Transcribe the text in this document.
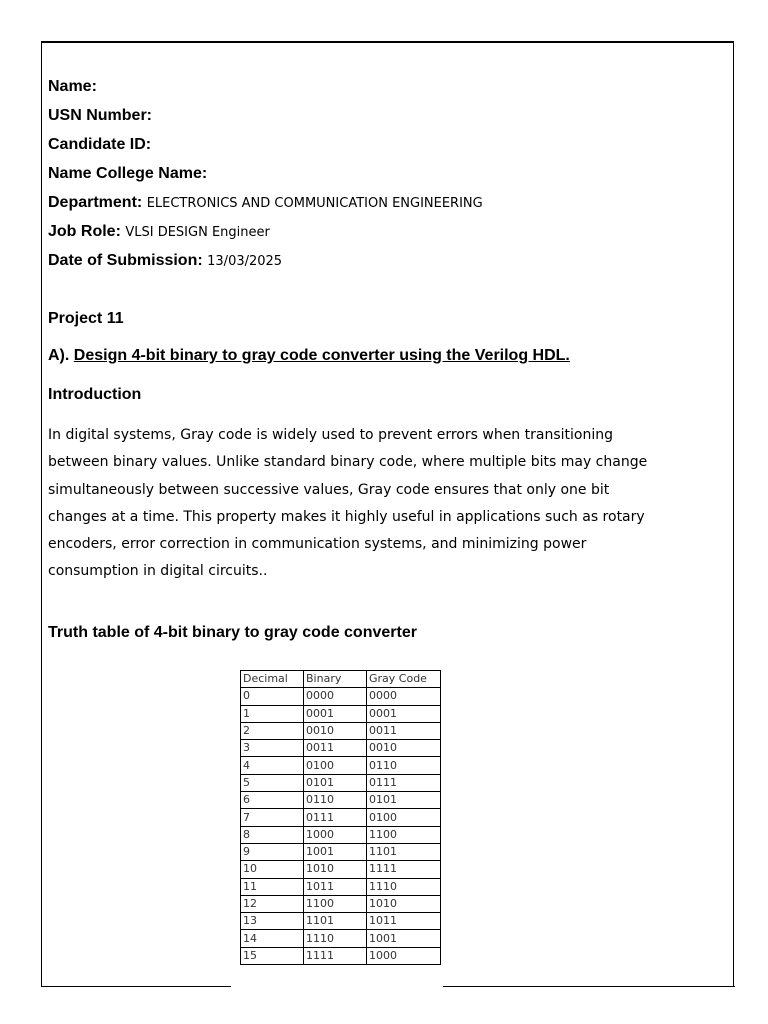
Name:
USN Number:
Candidate ID:
Name College Name:
Department: ELECTRONICS AND COMMUNICATION ENGINEERING
Job Role: VLSI DESIGN Engineer
Date of Submission: 13/03/2025
Project 11
A). Design 4-bit binary to gray code converter using the Verilog HDL.
Introduction

In digital systems, Gray code is widely used to prevent errors when transitioning
between binary values. Unlike standard binary code, where multiple bits may change
simultaneously between successive values, Gray code ensures that only one bit
changes at a time. This property makes it highly useful in applications such as rotary
encoders, error correction in communication systems, and minimizing power
consumption in digital circuits..

Truth table of 4-bit binary to gray code converter
Decimal	Binary	Gray Code
0	0000	0000
1	0001	0001
2	0010	0011
3	0011	0010
4	0100	0110
5	0101	0111
6	0110	0101
7	0111	0100
8	1000	1100
9	1001	1101
10	1010	1111
11	1011	1110
12	1100	1010
13	1101	1011
14	1110	1001
15	1111	1000
